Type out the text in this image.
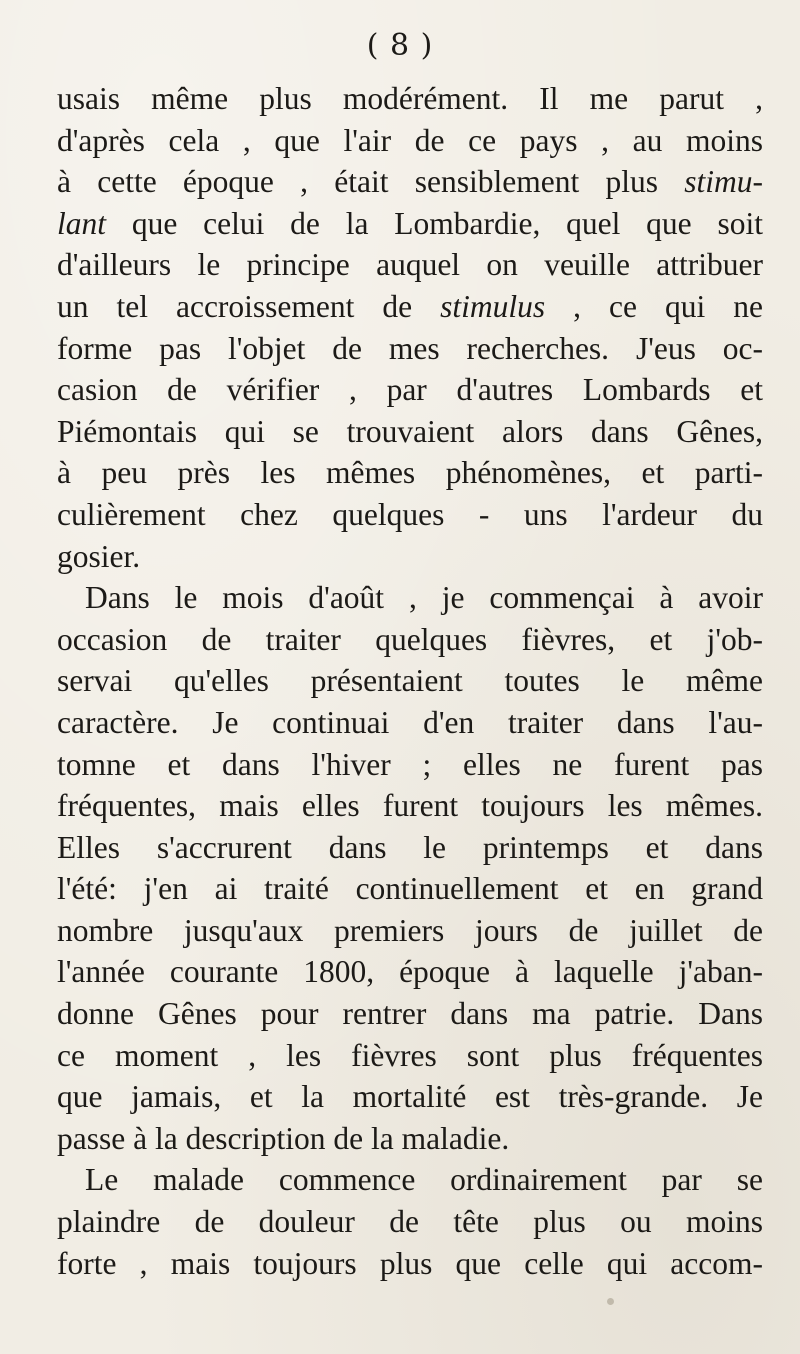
( 8 )
usais même plus modérément. Il me parut ,
d'après cela , que l'air de ce pays , au moins
à cette époque , était sensiblement plus stimu-
lant que celui de la Lombardie, quel que soit
d'ailleurs le principe auquel on veuille attribuer
un tel accroissement de stimulus , ce qui ne
forme pas l'objet de mes recherches. J'eus oc-
casion de vérifier , par d'autres Lombards et
Piémontais qui se trouvaient alors dans Gênes,
à peu près les mêmes phénomènes, et parti-
culièrement chez quelques - uns l'ardeur du
gosier.
Dans le mois d'août , je commençai à avoir
occasion de traiter quelques fièvres, et j'ob-
servai qu'elles présentaient toutes le même
caractère. Je continuai d'en traiter dans l'au-
tomne et dans l'hiver ; elles ne furent pas
fréquentes, mais elles furent toujours les mêmes.
Elles s'accrurent dans le printemps et dans
l'été: j'en ai traité continuellement et en grand
nombre jusqu'aux premiers jours de juillet de
l'année courante 1800, époque à laquelle j'aban-
donne Gênes pour rentrer dans ma patrie. Dans
ce moment , les fièvres sont plus fréquentes
que jamais, et la mortalité est très-grande. Je
passe à la description de la maladie.
Le malade commence ordinairement par se
plaindre de douleur de tête plus ou moins
forte , mais toujours plus que celle qui accom-
